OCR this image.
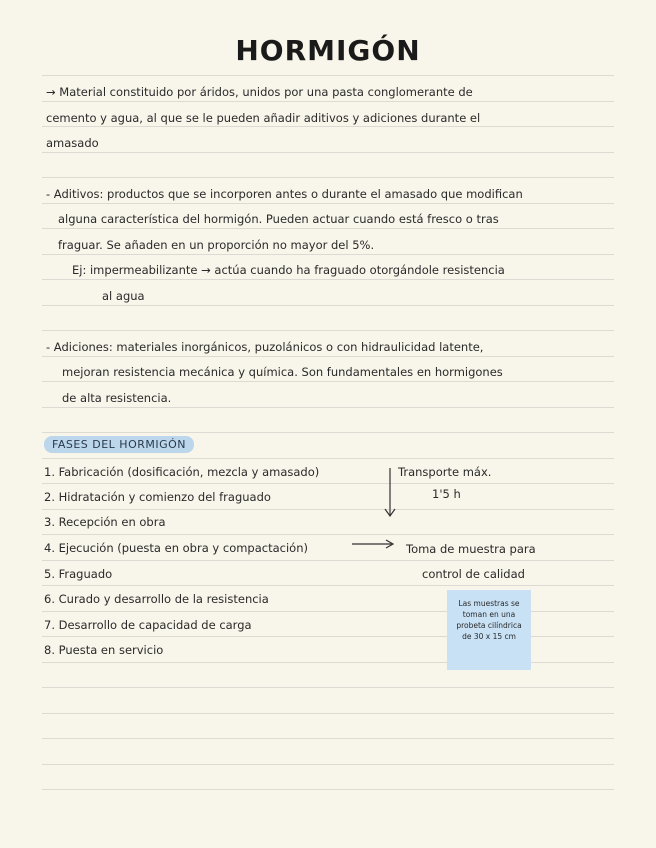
HORMIGÓN
→ Material constituido por áridos, unidos por una pasta conglomerante de
cemento y agua, al que se le pueden añadir aditivos y adiciones durante el
amasado
- Aditivos: productos que se incorporen antes o durante el amasado que modifican
alguna característica del hormigón. Pueden actuar cuando está fresco o tras
fraguar. Se añaden en un proporción no mayor del 5%.
Ej: impermeabilizante → actúa cuando ha fraguado otorgándole resistencia
al agua
- Adiciones: materiales inorgánicos, puzolánicos o con hidraulicidad latente,
mejoran resistencia mecánica y química. Son fundamentales en hormigones
de alta resistencia.
FASES DEL HORMIGÓN
1. Fabricación (dosificación, mezcla y amasado)
2. Hidratación y comienzo del fraguado
3. Recepción en obra
4. Ejecución (puesta en obra y compactación)
5. Fraguado
6. Curado y desarrollo de la resistencia
7. Desarrollo de capacidad de carga
8. Puesta en servicio
Transporte máx.
1'5 h
Toma de muestra para
control de calidad
Las muestras se
toman en una
probeta cilíndrica
de 30 x 15 cm
